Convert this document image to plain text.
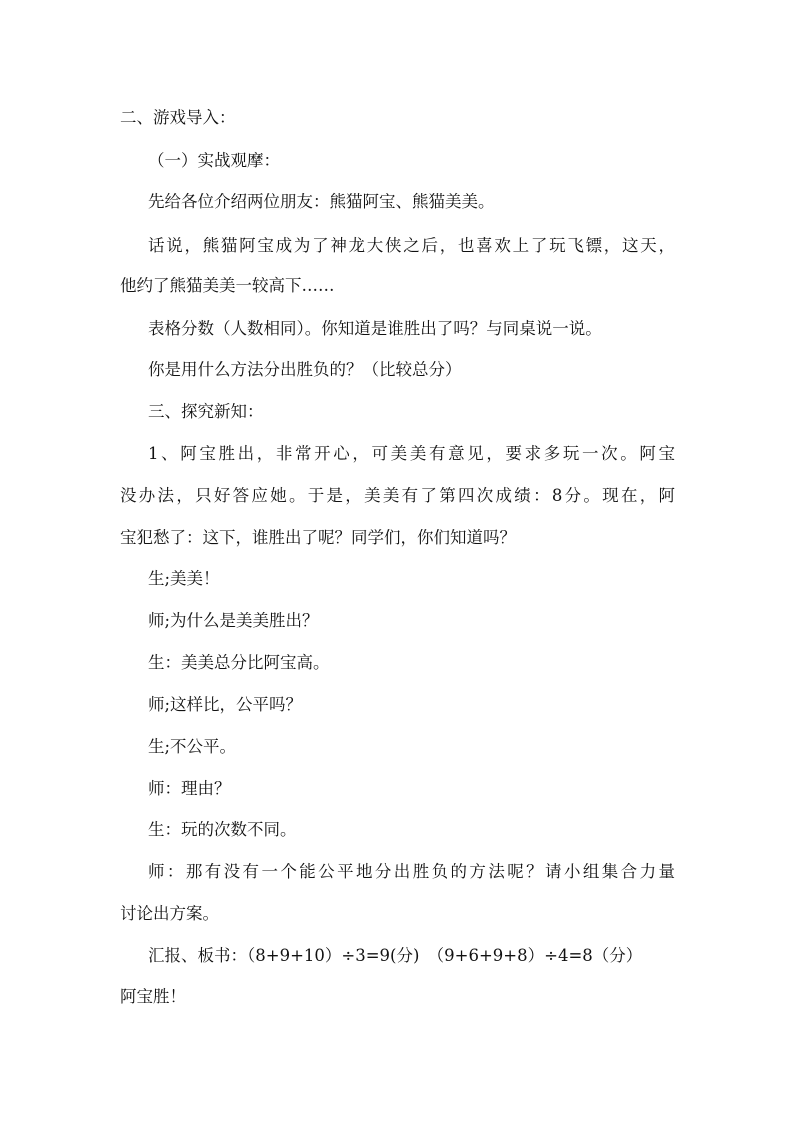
二、游戏导入：
（一）实战观摩：
先给各位介绍两位朋友：熊猫阿宝、熊猫美美。
话说，熊猫阿宝成为了神龙大侠之后，也喜欢上了玩飞镖，这天，
他约了熊猫美美一较高下……
表格分数（人数相同）。你知道是谁胜出了吗？与同桌说一说。
你是用什么方法分出胜负的？（比较总分）
三、探究新知：
1、阿宝胜出，非常开心，可美美有意见，要求多玩一次。阿宝
没办法，只好答应她。于是，美美有了第四次成绩：8分。现在，阿
宝犯愁了：这下，谁胜出了呢？同学们，你们知道吗？
生;美美！
师;为什么是美美胜出？
生：美美总分比阿宝高。
师;这样比，公平吗？
生;不公平。
师：理由？
生：玩的次数不同。
师：那有没有一个能公平地分出胜负的方法呢？请小组集合力量
讨论出方案。
汇报、板书：（8+9+10）÷3=9(分)　（9+6+9+8）÷4=8（分）
阿宝胜！
